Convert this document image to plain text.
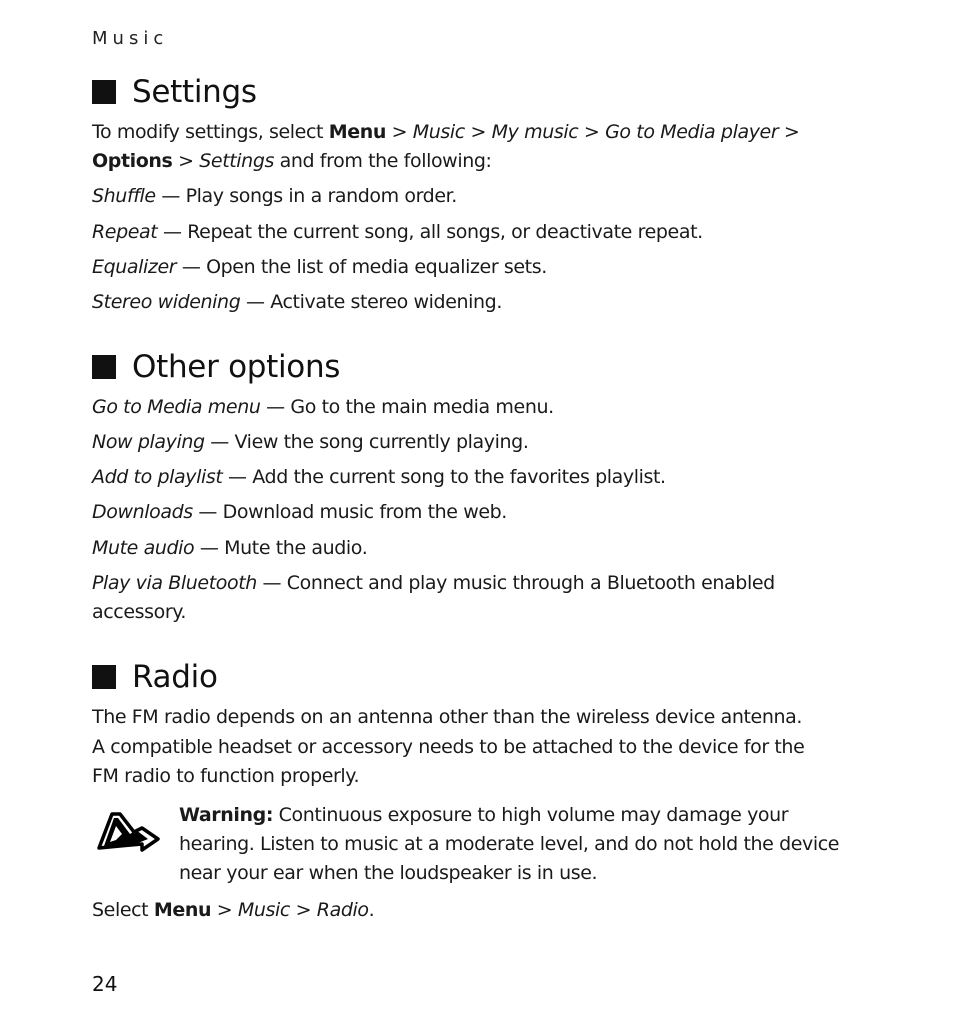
Music
Settings
To modify settings, select Menu > Music > My music > Go to Media player >
Options > Settings and from the following:
Shuffle — Play songs in a random order.
Repeat — Repeat the current song, all songs, or deactivate repeat.
Equalizer — Open the list of media equalizer sets.
Stereo widening — Activate stereo widening.
Other options
Go to Media menu — Go to the main media menu.
Now playing — View the song currently playing.
Add to playlist — Add the current song to the favorites playlist.
Downloads — Download music from the web.
Mute audio — Mute the audio.
Play via Bluetooth — Connect and play music through a Bluetooth enabled
accessory.
Radio
The FM radio depends on an antenna other than the wireless device antenna.
A compatible headset or accessory needs to be attached to the device for the
FM radio to function properly.
Warning: Continuous exposure to high volume may damage your
hearing. Listen to music at a moderate level, and do not hold the device
near your ear when the loudspeaker is in use.
Select Menu > Music > Radio.
24
